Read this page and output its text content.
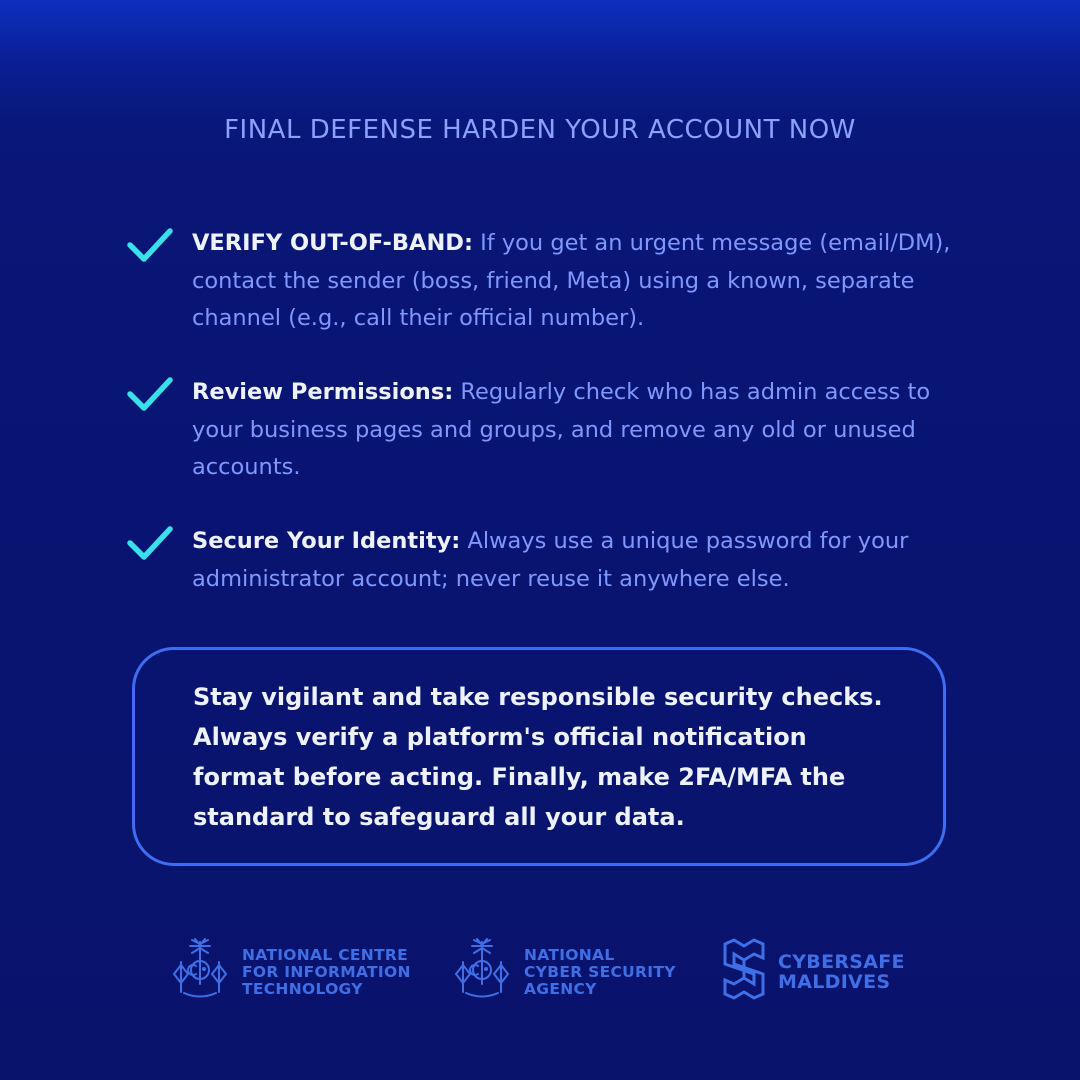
FINAL DEFENSE HARDEN YOUR ACCOUNT NOW
VERIFY OUT-OF-BAND: If you get an urgent message (email/DM), contact the sender (boss, friend, Meta) using a known, separate channel (e.g., call their official number).
Review Permissions: Regularly check who has admin access to your business pages and groups, and remove any old or unused accounts.
Secure Your Identity: Always use a unique password for your administrator account; never reuse it anywhere else.
Stay vigilant and take responsible security checks. Always verify a platform's official notification format before acting. Finally, make 2FA/MFA the standard to safeguard all your data.
NATIONAL CENTRE
FOR INFORMATION
TECHNOLOGY
NATIONAL
CYBER SECURITY
AGENCY
CYBERSAFE
MALDIVES
